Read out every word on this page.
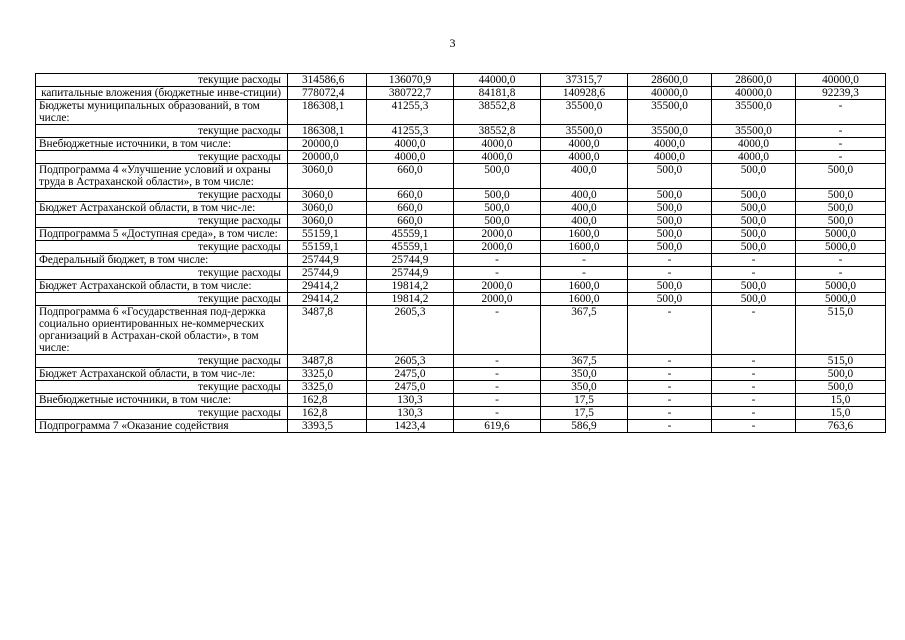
3
текущие расходы	314586,6	136070,9	44000,0	37315,7	28600,0	28600,0	40000,0
капитальные вложения (бюджетные инве-стиции)	778072,4	380722,7	84181,8	140928,6	40000,0	40000,0	92239,3
Бюджеты муниципальных образований, в том числе:	186308,1	41255,3	38552,8	35500,0	35500,0	35500,0	-
текущие расходы	186308,1	41255,3	38552,8	35500,0	35500,0	35500,0	-
Внебюджетные источники, в том числе:	20000,0	4000,0	4000,0	4000,0	4000,0	4000,0	-
текущие расходы	20000,0	4000,0	4000,0	4000,0	4000,0	4000,0	-
Подпрограмма 4 «Улучшение условий и охраны труда в Астраханской области», в том числе:	3060,0	660,0	500,0	400,0	500,0	500,0	500,0
текущие расходы	3060,0	660,0	500,0	400,0	500,0	500,0	500,0
Бюджет Астраханской области, в том чис-ле:	3060,0	660,0	500,0	400,0	500,0	500,0	500,0
текущие расходы	3060,0	660,0	500,0	400,0	500,0	500,0	500,0
Подпрограмма 5 «Доступная среда», в том числе:	55159,1	45559,1	2000,0	1600,0	500,0	500,0	5000,0
текущие расходы	55159,1	45559,1	2000,0	1600,0	500,0	500,0	5000,0
Федеральный бюджет, в том числе:	25744,9	25744,9	-	-	-	-	-
текущие расходы	25744,9	25744,9	-	-	-	-	-
Бюджет Астраханской области, в том числе:	29414,2	19814,2	2000,0	1600,0	500,0	500,0	5000,0
текущие расходы	29414,2	19814,2	2000,0	1600,0	500,0	500,0	5000,0
Подпрограмма 6 «Государственная под-держка социально ориентированных не-коммерческих организаций в Астрахан-ской области», в том числе:	3487,8	2605,3	-	367,5	-	-	515,0
текущие расходы	3487,8	2605,3	-	367,5	-	-	515,0
Бюджет Астраханской области, в том чис-ле:	3325,0	2475,0	-	350,0	-	-	500,0
текущие расходы	3325,0	2475,0	-	350,0	-	-	500,0
Внебюджетные источники, в том числе:	162,8	130,3	-	17,5	-	-	15,0
текущие расходы	162,8	130,3	-	17,5	-	-	15,0
Подпрограмма 7 «Оказание содействия	3393,5	1423,4	619,6	586,9	-	-	763,6
